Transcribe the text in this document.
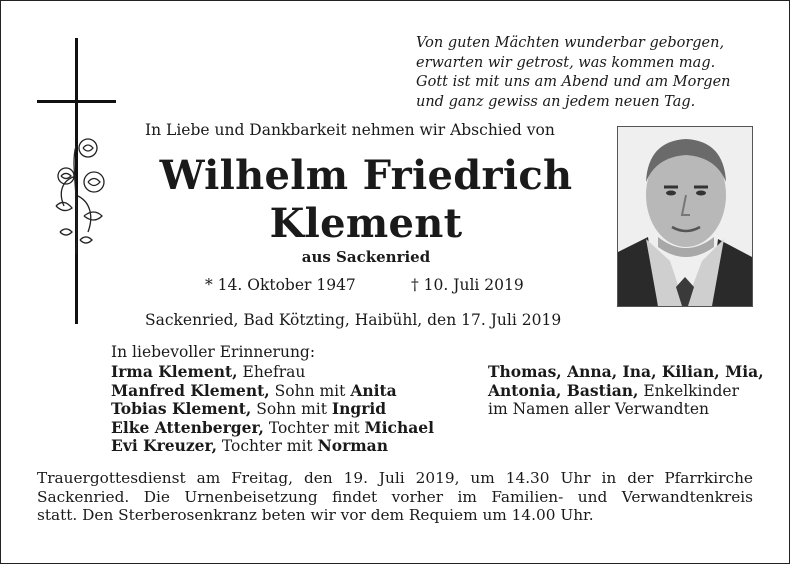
Von guten Mächten wunderbar geborgen,
erwarten wir getrost, was kommen mag.
Gott ist mit uns am Abend und am Morgen
und ganz gewiss an jedem neuen Tag.
In Liebe und Dankbarkeit nehmen wir Abschied von
Wilhelm Friedrich
Klement
aus Sackenried
* 14. Oktober 1947	† 10. Juli 2019
Sackenried, Bad Kötzting, Haibühl, den 17. Juli 2019
In liebevoller Erinnerung:
Irma Klement, Ehefrau
Manfred Klement, Sohn mit Anita
Tobias Klement, Sohn mit Ingrid
Elke Attenberger, Tochter mit Michael
Evi Kreuzer, Tochter mit Norman
Thomas, Anna, Ina, Kilian, Mia,
Antonia, Bastian, Enkelkinder
im Namen aller Verwandten
Trauergottesdienst am Freitag, den 19. Juli 2019, um 14.30 Uhr in der Pfarrkirche
Sackenried. Die Urnenbeisetzung findet vorher im Familien- und Verwandtenkreis
statt. Den Sterberosenkranz beten wir vor dem Requiem um 14.00 Uhr.
